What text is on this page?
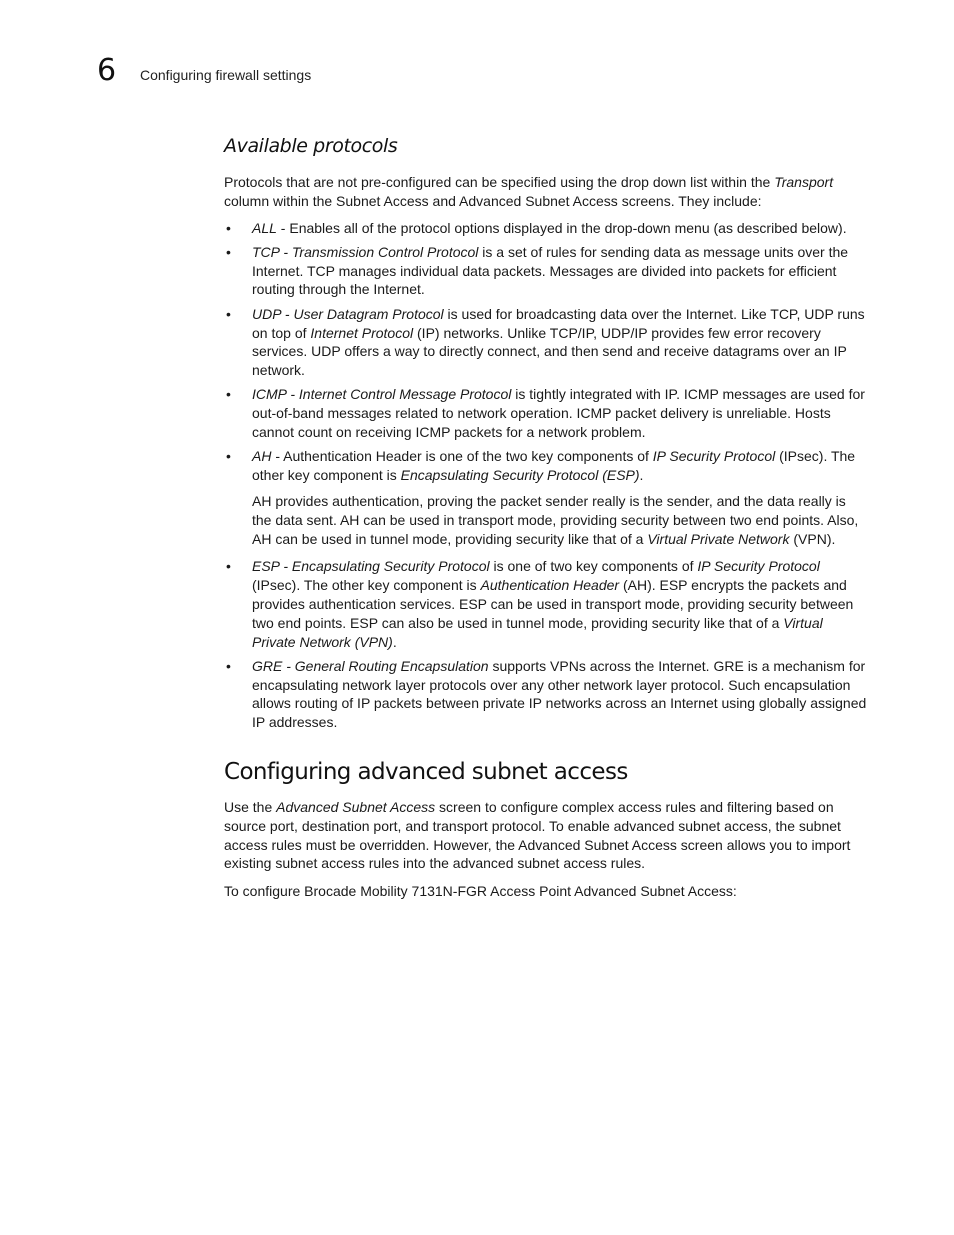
6 Configuring firewall settings
Available protocols

Protocols that are not pre-configured can be specified using the drop down list within the Transport column within the Subnet Access and Advanced Subnet Access screens. They include:

• ALL - Enables all of the protocol options displayed in the drop-down menu (as described below).
• TCP - Transmission Control Protocol is a set of rules for sending data as message units over the Internet. TCP manages individual data packets. Messages are divided into packets for efficient routing through the Internet.
• UDP - User Datagram Protocol is used for broadcasting data over the Internet. Like TCP, UDP runs on top of Internet Protocol (IP) networks. Unlike TCP/IP, UDP/IP provides few error recovery services. UDP offers a way to directly connect, and then send and receive datagrams over an IP network.
• ICMP - Internet Control Message Protocol is tightly integrated with IP. ICMP messages are used for out-of-band messages related to network operation. ICMP packet delivery is unreliable. Hosts cannot count on receiving ICMP packets for a network problem.
• AH - Authentication Header is one of the two key components of IP Security Protocol (IPsec). The other key component is Encapsulating Security Protocol (ESP).

AH provides authentication, proving the packet sender really is the sender, and the data really is the data sent. AH can be used in transport mode, providing security between two end points. Also, AH can be used in tunnel mode, providing security like that of a Virtual Private Network (VPN).

• ESP - Encapsulating Security Protocol is one of two key components of IP Security Protocol (IPsec). The other key component is Authentication Header (AH). ESP encrypts the packets and provides authentication services. ESP can be used in transport mode, providing security between two end points. ESP can also be used in tunnel mode, providing security like that of a Virtual Private Network (VPN).
• GRE - General Routing Encapsulation supports VPNs across the Internet. GRE is a mechanism for encapsulating network layer protocols over any other network layer protocol. Such encapsulation allows routing of IP packets between private IP networks across an Internet using globally assigned IP addresses.
Configuring advanced subnet access

Use the Advanced Subnet Access screen to configure complex access rules and filtering based on source port, destination port, and transport protocol. To enable advanced subnet access, the subnet access rules must be overridden. However, the Advanced Subnet Access screen allows you to import existing subnet access rules into the advanced subnet access rules.

To configure Brocade Mobility 7131N-FGR Access Point Advanced Subnet Access:
